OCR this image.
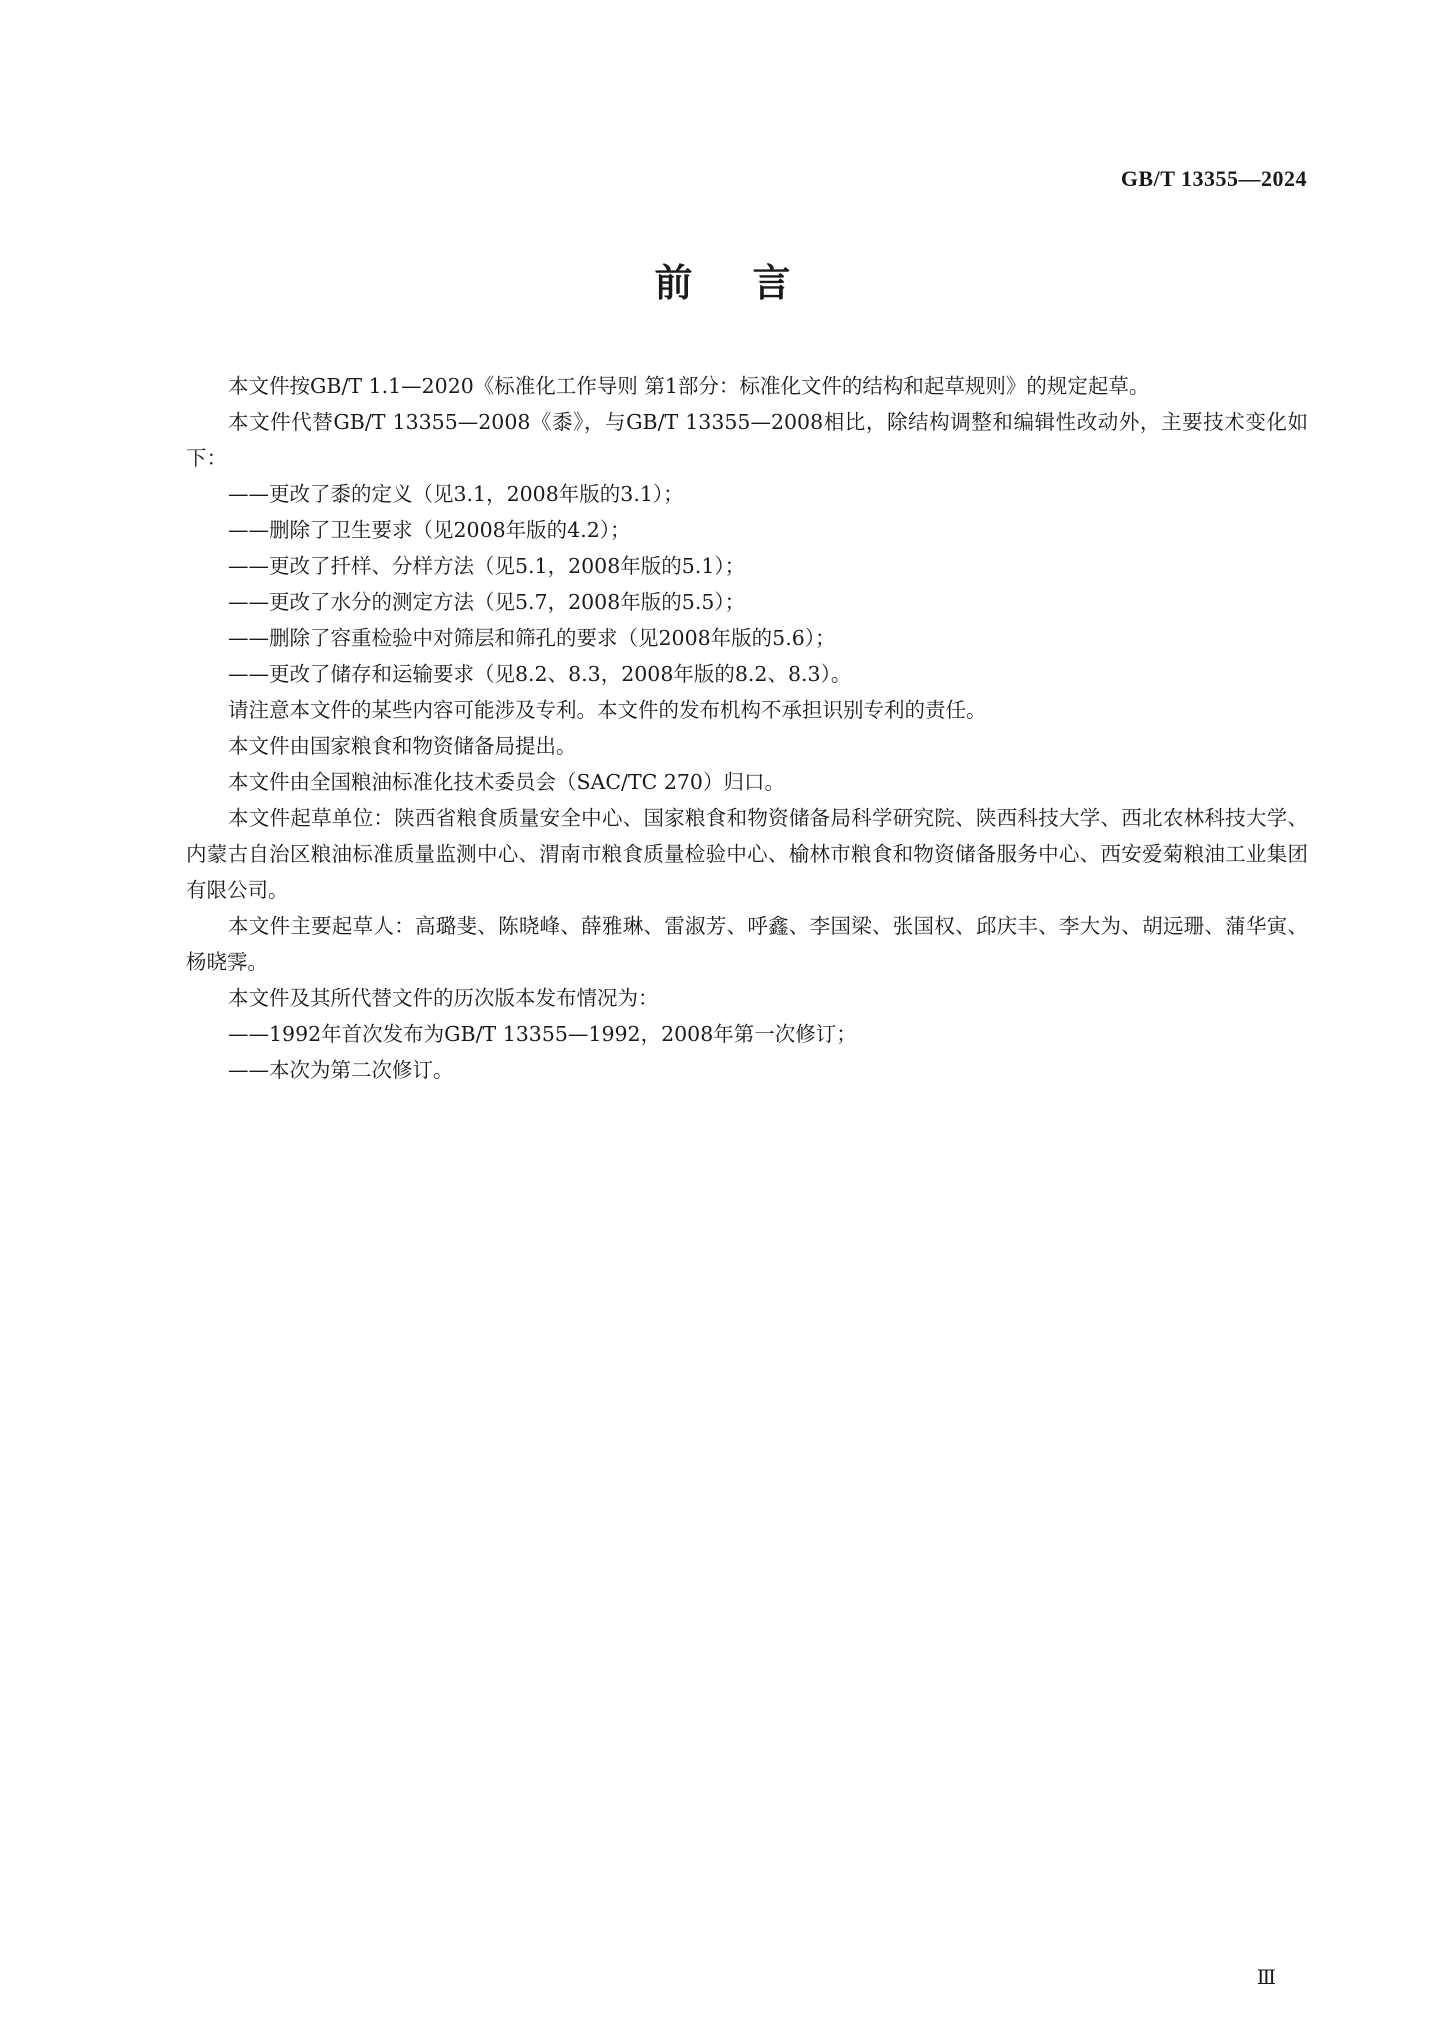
GB/T 13355—2024
前言

本文件按GB/T 1.1—2020《标准化工作导则 第1部分：标准化文件的结构和起草规则》的规定起草。

本文件代替GB/T 13355—2008《黍》，与GB/T 13355—2008相比，除结构调整和编辑性改动外，主要技术变化如下：

——更改了黍的定义（见3.1，2008年版的3.1）；

——删除了卫生要求（见2008年版的4.2）；

——更改了扦样、分样方法（见5.1，2008年版的5.1）；

——更改了水分的测定方法（见5.7，2008年版的5.5）；

——删除了容重检验中对筛层和筛孔的要求（见2008年版的5.6）；

——更改了储存和运输要求（见8.2、8.3，2008年版的8.2、8.3）。

请注意本文件的某些内容可能涉及专利。本文件的发布机构不承担识别专利的责任。

本文件由国家粮食和物资储备局提出。

本文件由全国粮油标准化技术委员会（SAC/TC 270）归口。

本文件起草单位：陕西省粮食质量安全中心、国家粮食和物资储备局科学研究院、陕西科技大学、西北农林科技大学、内蒙古自治区粮油标准质量监测中心、渭南市粮食质量检验中心、榆林市粮食和物资储备服务中心、西安爱菊粮油工业集团有限公司。

本文件主要起草人：高璐斐、陈晓峰、薛雅琳、雷淑芳、呼鑫、李国梁、张国权、邱庆丰、李大为、胡远珊、蒲华寅、杨晓霁。

本文件及其所代替文件的历次版本发布情况为：

——1992年首次发布为GB/T 13355—1992，2008年第一次修订；

——本次为第二次修订。

Ⅲ
